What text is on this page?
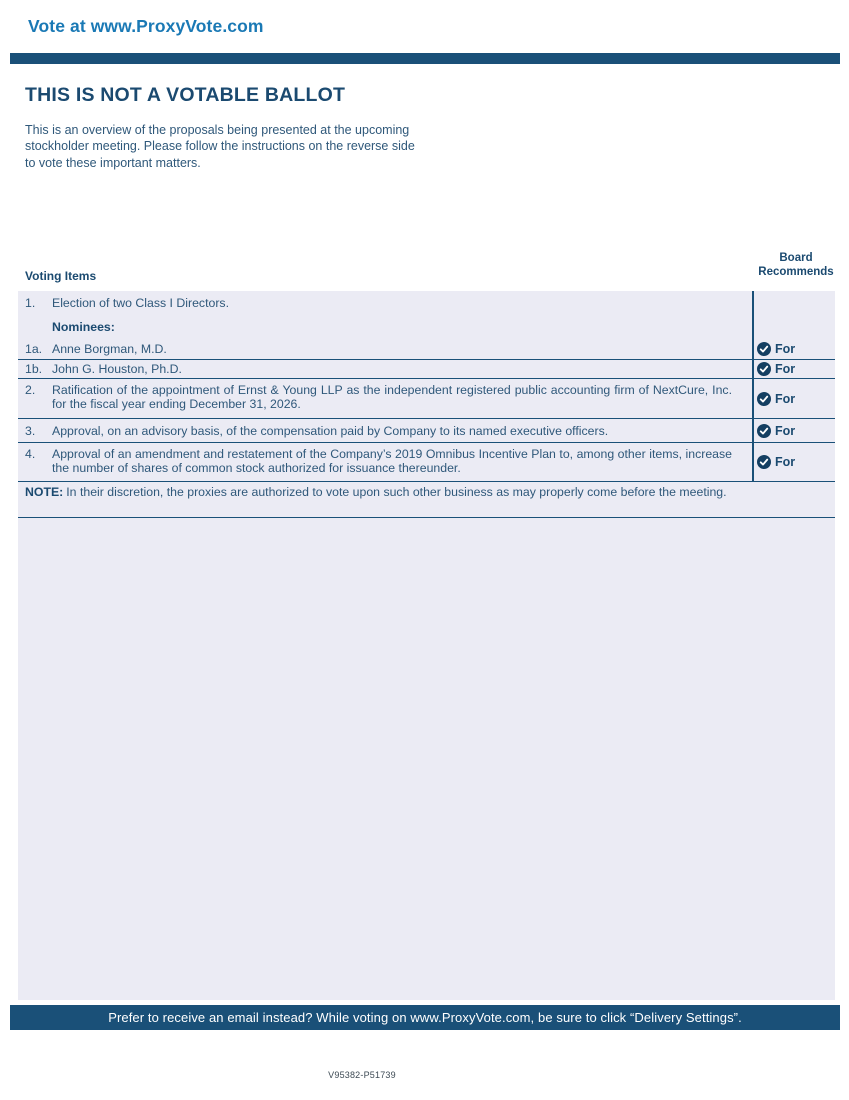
Vote at www.ProxyVote.com
THIS IS NOT A VOTABLE BALLOT
This is an overview of the proposals being presented at the upcoming stockholder meeting. Please follow the instructions on the reverse side to vote these important matters.
Voting Items
Board
Recommends
1. Election of two Class I Directors.
Nominees:
1a. Anne Borgman, M.D.	For
1b. John G. Houston, Ph.D.	For
2. Ratification of the appointment of Ernst & Young LLP as the independent registered public accounting firm of NextCure, Inc. for the fiscal year ending December 31, 2026.	For
3. Approval, on an advisory basis, of the compensation paid by Company to its named executive officers.	For
4. Approval of an amendment and restatement of the Company’s 2019 Omnibus Incentive Plan to, among other items, increase the number of shares of common stock authorized for issuance thereunder.	For
NOTE: In their discretion, the proxies are authorized to vote upon such other business as may properly come before the meeting.
Prefer to receive an email instead? While voting on www.ProxyVote.com, be sure to click “Delivery Settings”.
V95382-P51739
